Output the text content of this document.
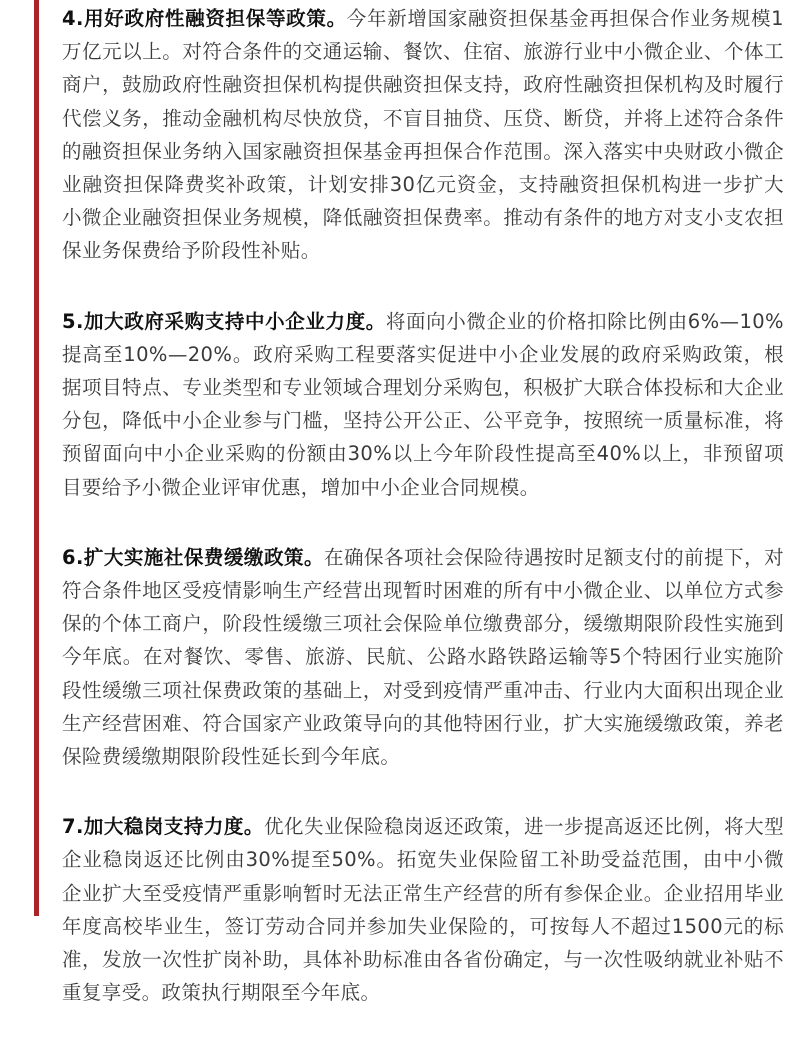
4.用好政府性融资担保等政策。今年新增国家融资担保基金再担保合作业务规模1万亿元以上。对符合条件的交通运输、餐饮、住宿、旅游行业中小微企业、个体工商户，鼓励政府性融资担保机构提供融资担保支持，政府性融资担保机构及时履行代偿义务，推动金融机构尽快放贷，不盲目抽贷、压贷、断贷，并将上述符合条件的融资担保业务纳入国家融资担保基金再担保合作范围。深入落实中央财政小微企业融资担保降费奖补政策，计划安排30亿元资金，支持融资担保机构进一步扩大小微企业融资担保业务规模，降低融资担保费率。推动有条件的地方对支小支农担保业务保费给予阶段性补贴。

5.加大政府采购支持中小企业力度。将面向小微企业的价格扣除比例由6%—10%提高至10%—20%。政府采购工程要落实促进中小企业发展的政府采购政策，根据项目特点、专业类型和专业领域合理划分采购包，积极扩大联合体投标和大企业分包，降低中小企业参与门槛，坚持公开公正、公平竞争，按照统一质量标准，将预留面向中小企业采购的份额由30%以上今年阶段性提高至40%以上，非预留项目要给予小微企业评审优惠，增加中小企业合同规模。

6.扩大实施社保费缓缴政策。在确保各项社会保险待遇按时足额支付的前提下，对符合条件地区受疫情影响生产经营出现暂时困难的所有中小微企业、以单位方式参保的个体工商户，阶段性缓缴三项社会保险单位缴费部分，缓缴期限阶段性实施到今年底。在对餐饮、零售、旅游、民航、公路水路铁路运输等5个特困行业实施阶段性缓缴三项社保费政策的基础上，对受到疫情严重冲击、行业内大面积出现企业生产经营困难、符合国家产业政策导向的其他特困行业，扩大实施缓缴政策，养老保险费缓缴期限阶段性延长到今年底。

7.加大稳岗支持力度。优化失业保险稳岗返还政策，进一步提高返还比例，将大型企业稳岗返还比例由30%提至50%。拓宽失业保险留工补助受益范围，由中小微企业扩大至受疫情严重影响暂时无法正常生产经营的所有参保企业。企业招用毕业年度高校毕业生，签订劳动合同并参加失业保险的，可按每人不超过1500元的标准，发放一次性扩岗补助，具体补助标准由各省份确定，与一次性吸纳就业补贴不重复享受。政策执行期限至今年底。
